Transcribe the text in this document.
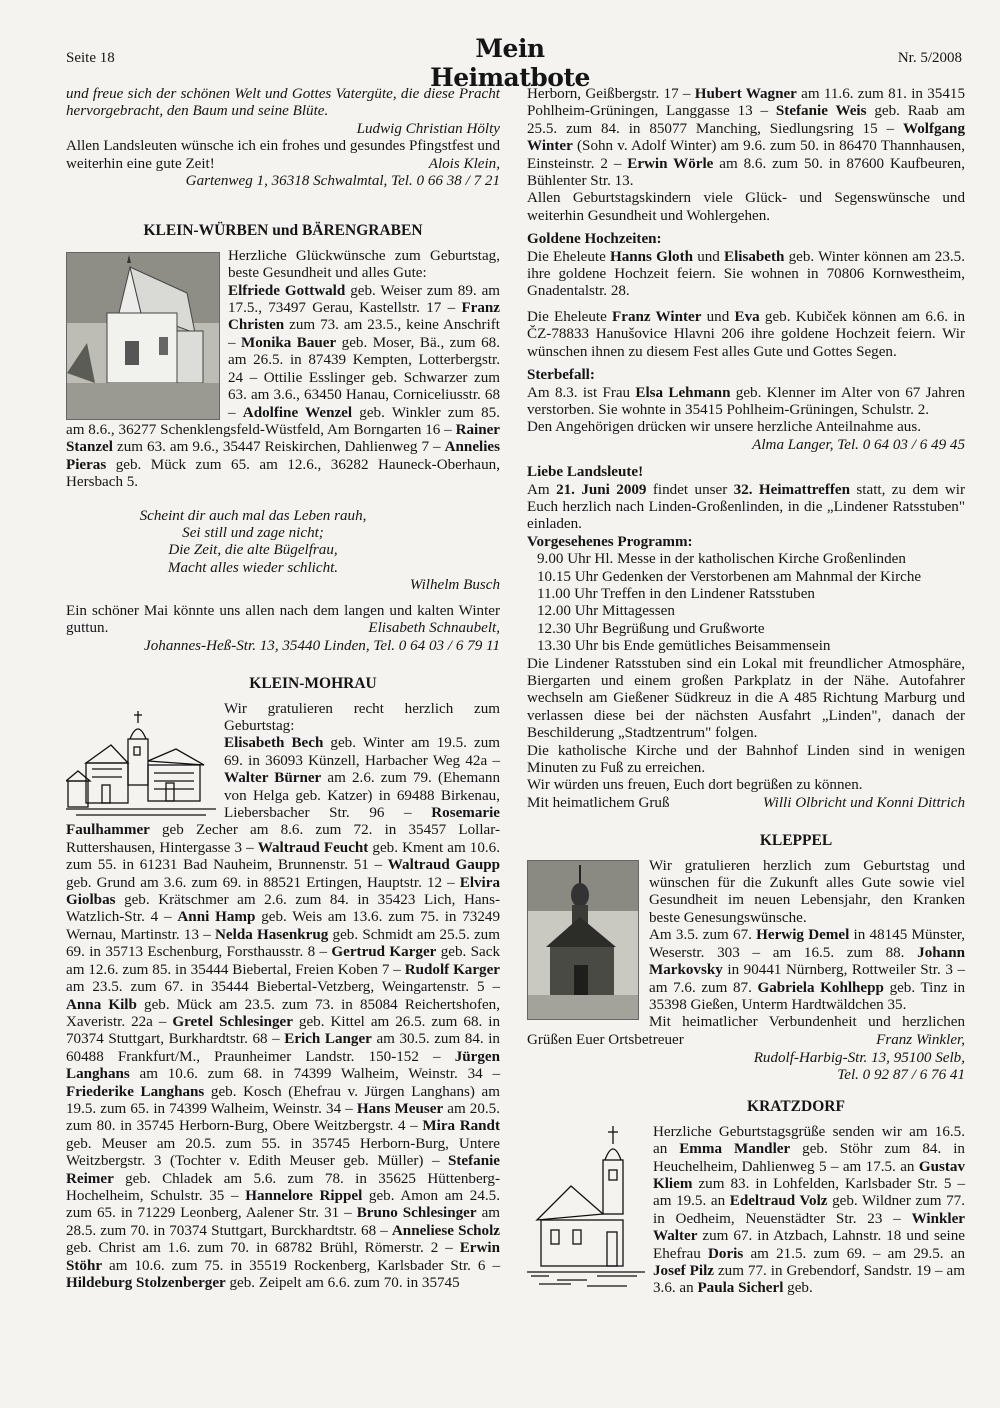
Seite 18	Mein Heimatbote
Nr. 5/2008

und freue sich der schönen Welt und Gottes Vatergüte, die diese Pracht hervorgebracht, den Baum und seine Blüte.

Ludwig Christian Hölty

Allen Landsleuten wünsche ich ein frohes und gesundes Pfingstfest und weiterhin eine gute Zeit!	Alois Klein,

Gartenweg 1, 36318 Schwalmtal, Tel. 0 66 38 / 7 21

KLEIN-WÜRBEN und BÄRENGRABEN

Herzliche Glückwünsche zum Geburtstag, beste Gesundheit und alles Gute:

Elfriede Gottwald geb. Weiser zum 89. am 17.5., 73497 Gerau, Kastellstr. 17 – Franz Christen zum 73. am 23.5., keine Anschrift – Monika Bauer geb. Moser, Bä., zum 68. am 26.5. in 87439 Kempten, Lotterbergstr. 24 – Ottilie Esslinger geb. Schwarzer zum 63. am 3.6., 63450 Hanau, Corniceliusstr. 68 – Adolfine Wenzel geb. Winkler zum 85. am 8.6., 36277 Schenklengsfeld-Wüstfeld, Am Borngarten 16 – Rainer Stanzel zum 63. am 9.6., 35447 Reiskirchen, Dahlienweg 7 – Annelies Pieras geb. Mück zum 65. am 12.6., 36282 Hauneck-Oberhaun, Hersbach 5.

Scheint dir auch mal das Leben rauh,
Sei still und zage nicht;
Die Zeit, die alte Bügelfrau,
Macht alles wieder schlicht.

Wilhelm Busch

Ein schöner Mai könnte uns allen nach dem langen und kalten Winter guttun.	Elisabeth Schnaubelt,

Johannes-Heß-Str. 13, 35440 Linden, Tel. 0 64 03 / 6 79 11

KLEIN-MOHRAU

Wir gratulieren recht herzlich zum Geburtstag:

Elisabeth Bech geb. Winter am 19.5. zum 69. in 36093 Künzell, Harbacher Weg 42a – Walter Bürner am 2.6. zum 79. (Ehemann von Helga geb. Katzer) in 69488 Birkenau, Liebersbacher Str. 96 – Rosemarie Faulhammer geb Zecher am 8.6. zum 72. in 35457 Lollar-Ruttershausen, Hintergasse 3 – Waltraud Feucht geb. Kment am 10.6. zum 55. in 61231 Bad Nauheim, Brunnenstr. 51 – Waltraud Gaupp geb. Grund am 3.6. zum 69. in 88521 Ertingen, Hauptstr. 12 – Elvira Giolbas geb. Krätschmer am 2.6. zum 84. in 35423 Lich, Hans-Watzlich-Str. 4 – Anni Hamp geb. Weis am 13.6. zum 75. in 73249 Wernau, Martinstr. 13 – Nelda Hasenkrug geb. Schmidt am 25.5. zum 69. in 35713 Eschenburg, Forsthausstr. 8 – Gertrud Karger geb. Sack am 12.6. zum 85. in 35444 Biebertal, Freien Koben 7 – Rudolf Karger am 23.5. zum 67. in 35444 Biebertal-Vetzberg, Weingartenstr. 5 – Anna Kilb geb. Mück am 23.5. zum 73. in 85084 Reichertshofen, Xaveristr. 22a – Gretel Schlesinger geb. Kittel am 26.5. zum 68. in 70374 Stuttgart, Burkhardtstr. 68 – Erich Langer am 30.5. zum 84. in 60488 Frankfurt/M., Praunheimer Landstr. 150-152 – Jürgen Langhans am 10.6. zum 68. in 74399 Walheim, Weinstr. 34 – Friederike Langhans geb. Kosch (Ehefrau v. Jürgen Langhans) am 19.5. zum 65. in 74399 Walheim, Weinstr. 34 – Hans Meuser am 20.5. zum 80. in 35745 Herborn-Burg, Obere Weitzbergstr. 4 – Mira Randt geb. Meuser am 20.5. zum 55. in 35745 Herborn-Burg, Untere Weitzbergstr. 3 (Tochter v. Edith Meuser geb. Müller) – Stefanie Reimer geb. Chladek am 5.6. zum 78. in 35625 Hüttenberg-Hochelheim, Schulstr. 35 – Hannelore Rippel geb. Amon am 24.5. zum 65. in 71229 Leonberg, Aalener Str. 31 – Bruno Schlesinger am 28.5. zum 70. in 70374 Stuttgart, Burckhardtstr. 68 – Anneliese Scholz geb. Christ am 1.6. zum 70. in 68782 Brühl, Römerstr. 2 – Erwin Stöhr am 10.6. zum 75. in 35519 Rockenberg, Karlsbader Str. 6 – Hildeburg Stolzenberger geb. Zeipelt am 6.6. zum 70. in 35745

Herborn, Geißbergstr. 17 – Hubert Wagner am 11.6. zum 81. in 35415 Pohlheim-Grüningen, Langgasse 13 – Stefanie Weis geb. Raab am 25.5. zum 84. in 85077 Manching, Siedlungsring 15 – Wolfgang Winter (Sohn v. Adolf Winter) am 9.6. zum 50. in 86470 Thannhausen, Einsteinstr. 2 – Erwin Wörle am 8.6. zum 50. in 87600 Kaufbeuren, Bühlenter Str. 13.

Allen Geburtstagskindern viele Glück- und Segenswünsche und weiterhin Gesundheit und Wohlergehen.

Goldene Hochzeiten:

Die Eheleute Hanns Gloth und Elisabeth geb. Winter können am 23.5. ihre goldene Hochzeit feiern. Sie wohnen in 70806 Kornwestheim, Gnadentalstr. 28.

Die Eheleute Franz Winter und Eva geb. Kubiček können am 6.6. in ČZ-78833 Hanušovice Hlavni 206 ihre goldene Hochzeit feiern. Wir wünschen ihnen zu diesem Fest alles Gute und Gottes Segen.

Sterbefall:

Am 8.3. ist Frau Elsa Lehmann geb. Klenner im Alter von 67 Jahren verstorben. Sie wohnte in 35415 Pohlheim-Grüningen, Schulstr. 2.

Den Angehörigen drücken wir unsere herzliche Anteilnahme aus.

Alma Langer, Tel. 0 64 03 / 6 49 45

Liebe Landsleute!

Am 21. Juni 2009 findet unser 32. Heimattreffen statt, zu dem wir Euch herzlich nach Linden-Großenlinden, in die „Lindener Ratsstuben" einladen.

Vorgesehenes Programm:

9.00 Uhr Hl. Messe in der katholischen Kirche Großenlinden
10.15 Uhr Gedenken der Verstorbenen am Mahnmal der Kirche
11.00 Uhr Treffen in den Lindener Ratsstuben
12.00 Uhr Mittagessen
12.30 Uhr Begrüßung und Grußworte
13.30 Uhr bis Ende gemütliches Beisammensein

Die Lindener Ratsstuben sind ein Lokal mit freundlicher Atmosphäre, Biergarten und einem großen Parkplatz in der Nähe. Autofahrer wechseln am Gießener Südkreuz in die A 485 Richtung Marburg und verlassen diese bei der nächsten Ausfahrt „Linden", danach der Beschilderung „Stadtzentrum" folgen.

Die katholische Kirche und der Bahnhof Linden sind in wenigen Minuten zu Fuß zu erreichen.

Wir würden uns freuen, Euch dort begrüßen zu können.

Mit heimatlichem Gruß	Willi Olbricht und Konni Dittrich

KLEPPEL

Wir gratulieren herzlich zum Geburtstag und wünschen für die Zukunft alles Gute sowie viel Gesundheit im neuen Lebensjahr, den Kranken beste Genesungswünsche.

Am 3.5. zum 67. Herwig Demel in 48145 Münster, Weserstr. 303 – am 16.5. zum 88. Johann Markovsky in 90441 Nürnberg, Rottweiler Str. 3 – am 7.6. zum 87. Gabriela Kohlhepp geb. Tinz in 35398 Gießen, Unterm Hardtwäldchen 35.

Mit heimatlicher Verbundenheit und herzlichen Grüßen Euer Ortsbetreuer	Franz Winkler,

Rudolf-Harbig-Str. 13, 95100 Selb,

Tel. 0 92 87 / 6 76 41

KRATZDORF

Herzliche Geburtstagsgrüße senden wir am 16.5. an Emma Mandler geb. Stöhr zum 84. in Heuchelheim, Dahlienweg 5 – am 17.5. an Gustav Kliem zum 83. in Lohfelden, Karlsbader Str. 5 – am 19.5. an Edeltraud Volz geb. Wildner zum 77. in Oedheim, Neuenstädter Str. 23 – Winkler Walter zum 67. in Atzbach, Lahnstr. 18 und seine Ehefrau Doris am 21.5. zum 69. – am 29.5. an Josef Pilz zum 77. in Grebendorf, Sandstr. 19 – am 3.6. an Paula Sicherl geb.
